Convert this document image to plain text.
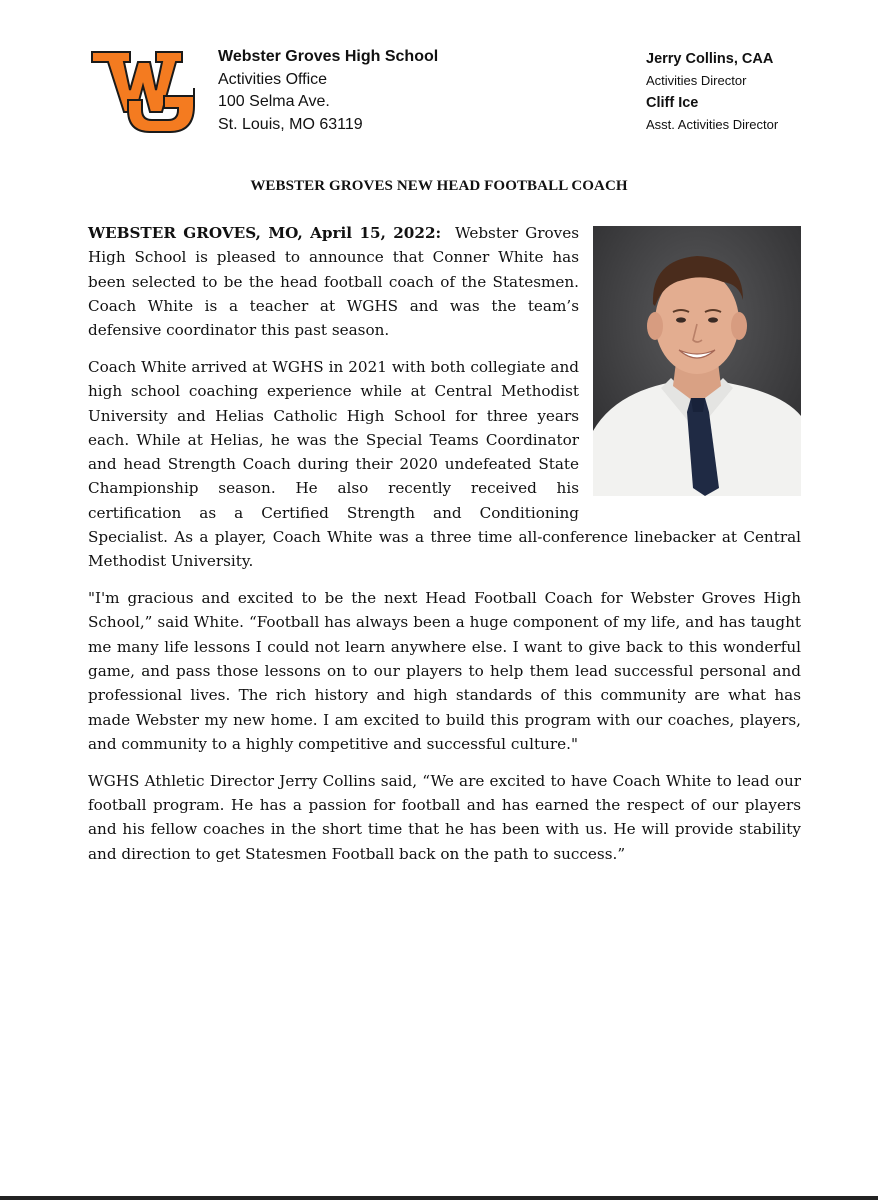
Webster Groves High School
Activities Office
100 Selma Ave.
St. Louis, MO 63119
Jerry Collins, CAA
Activities Director
Cliff Ice
Asst. Activities Director
WEBSTER GROVES NEW HEAD FOOTBALL COACH

WEBSTER GROVES, MO, April 15, 2022: Webster Groves High School is pleased to announce that Conner White has been selected to be the head football coach of the Statesmen. Coach White is a teacher at WGHS and was the team’s defensive coordinator this past season.

Coach White arrived at WGHS in 2021 with both collegiate and high school coaching experience while at Central Methodist University and Helias Catholic High School for three years each. While at Helias, he was the Special Teams Coordinator and head Strength Coach during their 2020 undefeated State Championship season. He also recently received his certification as a Certified Strength and Conditioning Specialist. As a player, Coach White was a three time all-conference linebacker at Central Methodist University.

"I'm gracious and excited to be the next Head Football Coach for Webster Groves High School,” said White. “Football has always been a huge component of my life, and has taught me many life lessons I could not learn anywhere else. I want to give back to this wonderful game, and pass those lessons on to our players to help them lead successful personal and professional lives. The rich history and high standards of this community are what has made Webster my new home. I am excited to build this program with our coaches, players, and community to a highly competitive and successful culture."

WGHS Athletic Director Jerry Collins said, “We are excited to have Coach White to lead our football program. He has a passion for football and has earned the respect of our players and his fellow coaches in the short time that he has been with us. He will provide stability and direction to get Statesmen Football back on the path to success.”
